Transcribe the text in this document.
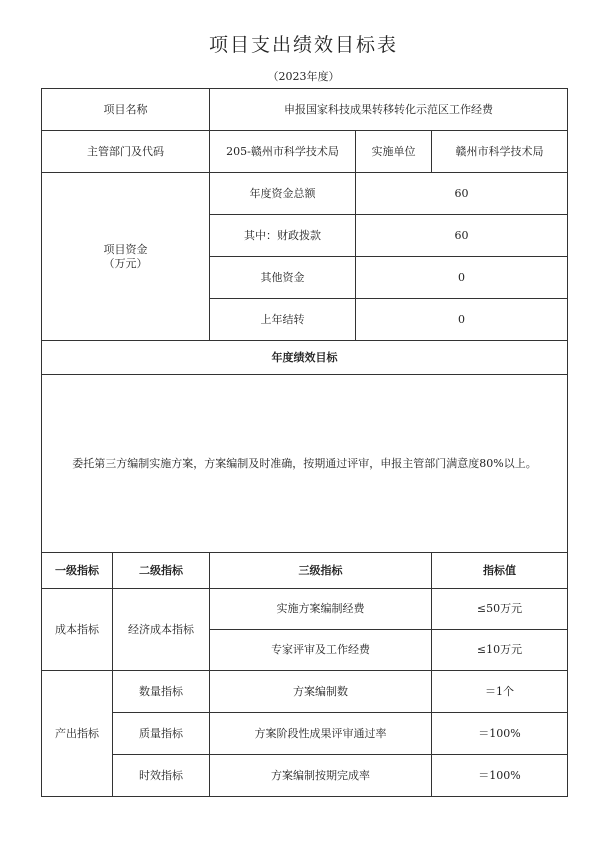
项目支出绩效目标表
（2023年度）
项目名称		申报国家科技成果转移转化示范区工作经费		
主管部门及代码		205-赣州市科学技术局	实施单位	赣州市科学技术局

项目资金
（万元）		年度资金总额	60	
		其中：财政拨款	60	
		其他资金	0	
		上年结转	0	
年度绩效目标				
委托第三方编制实施方案，方案编制及时准确，按期通过评审，申报主管部门满意度80%以上。				
一级指标	二级指标	三级指标		指标值
成本指标	经济成本指标	实施方案编制经费		≤50万元
		专家评审及工作经费		≤10万元
产出指标	数量指标	方案编制数		＝1个
	质量指标	方案阶段性成果评审通过率		＝100%
	时效指标	方案编制按期完成率		＝100%
